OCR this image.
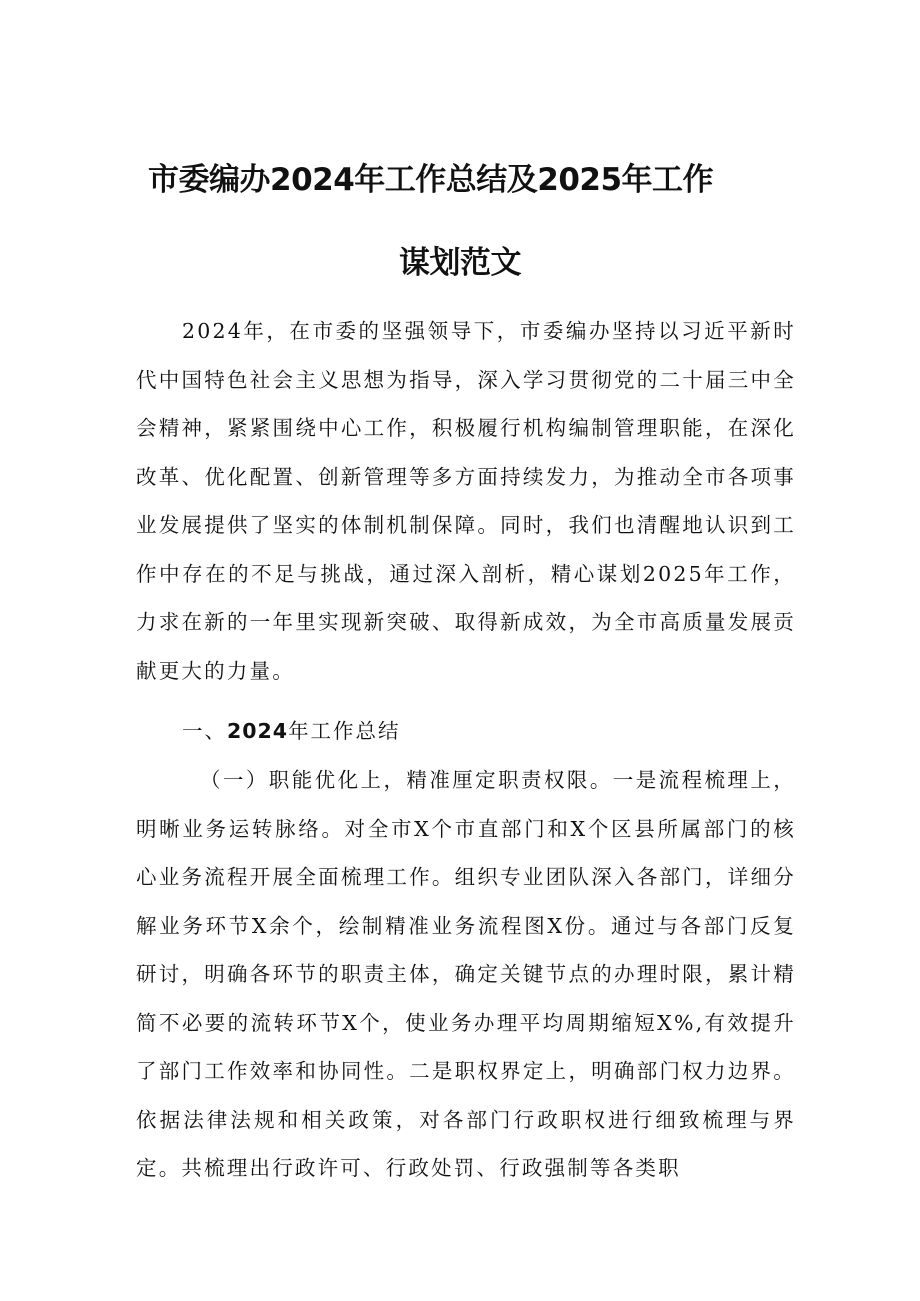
市委编办2024年工作总结及2025年工作
谋划范文

2024年，在市委的坚强领导下，市委编办坚持以习近平新时代中国特色社会主义思想为指导，深入学习贯彻党的二十届三中全会精神，紧紧围绕中心工作，积极履行机构编制管理职能，在深化改革、优化配置、创新管理等多方面持续发力，为推动全市各项事业发展提供了坚实的体制机制保障。同时，我们也清醒地认识到工作中存在的不足与挑战，通过深入剖析，精心谋划2025年工作，力求在新的一年里实现新突破、取得新成效，为全市高质量发展贡献更大的力量。

一、2024年工作总结

（一）职能优化上，精准厘定职责权限。一是流程梳理上，明晰业务运转脉络。对全市X个市直部门和X个区县所属部门的核心业务流程开展全面梳理工作。组织专业团队深入各部门，详细分解业务环节X余个，绘制精准业务流程图X份。通过与各部门反复研讨，明确各环节的职责主体，确定关键节点的办理时限，累计精简不必要的流转环节X个，使业务办理平均周期缩短X%,有效提升了部门工作效率和协同性。二是职权界定上，明确部门权力边界。依据法律法规和相关政策，对各部门行政职权进行细致梳理与界定。共梳理出行政许可、行政处罚、行政强制等各类职
